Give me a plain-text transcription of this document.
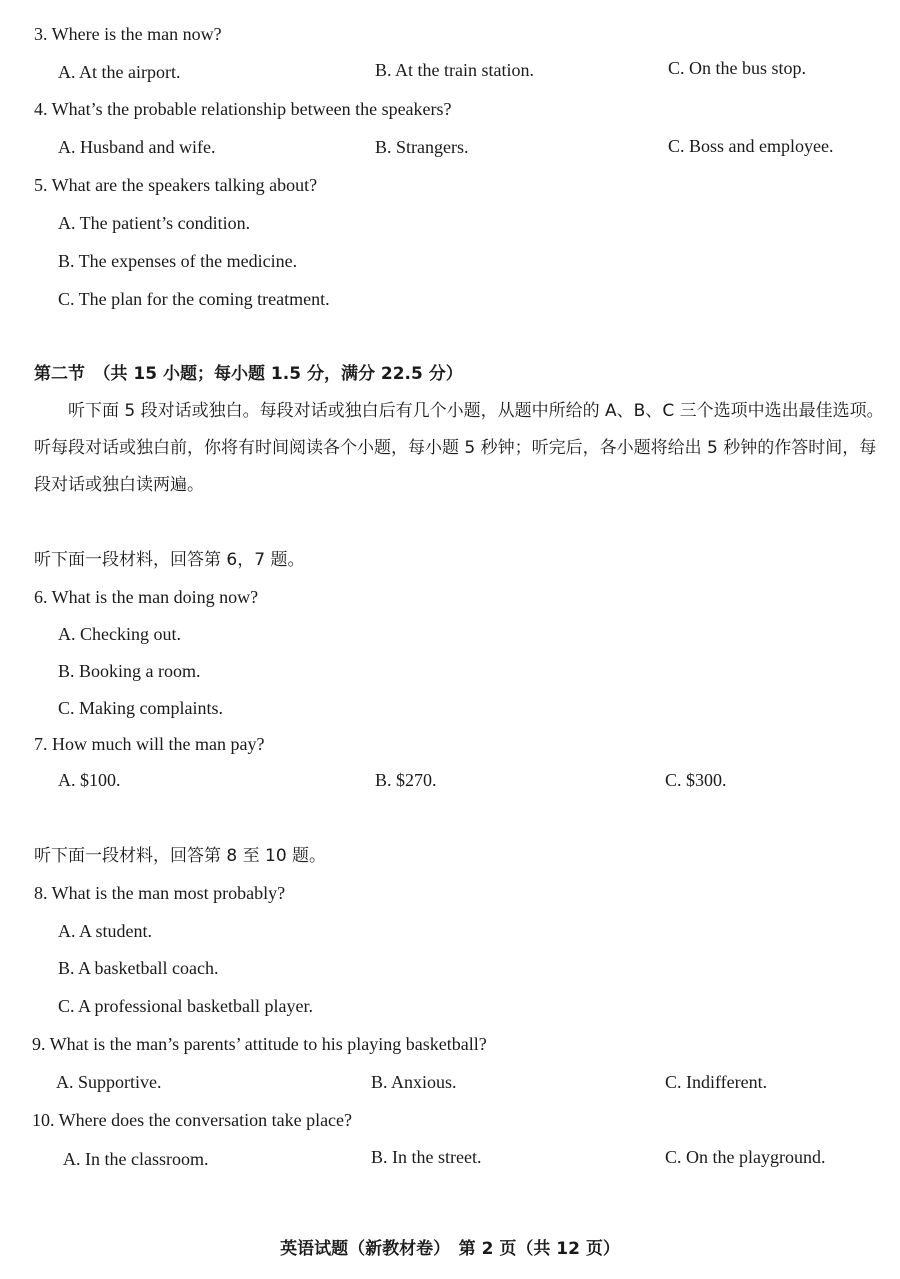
3. Where is the man now?
A. At the airport.	B. At the train station.	C. On the bus stop.
4. What’s the probable relationship between the speakers?
A. Husband and wife.	B. Strangers.	C. Boss and employee.
5. What are the speakers talking about?
A. The patient’s condition.
B. The expenses of the medicine.
C. The plan for the coming treatment.
第二节　（共 15 小题；每小题 1.5 分，满分 22.5 分）
听下面 5 段对话或独白。每段对话或独白后有几个小题，从题中所给的 A、B、C 三个选项中选出最佳选项。听每段对话或独白前，你将有时间阅读各个小题，每小题 5 秒钟；听完后，各小题将给出 5 秒钟的作答时间，每段对话或独白读两遍。
听下面一段材料，回答第 6，7 题。
6. What is the man doing now?
A. Checking out.
B. Booking a room.
C. Making complaints.
7. How much will the man pay?
A. $100.	B. $270.	C. $300.
听下面一段材料，回答第 8 至 10 题。
8. What is the man most probably?
A. A student.
B. A basketball coach.
C. A professional basketball player.
9. What is the man’s parents’ attitude to his playing basketball?
A. Supportive.	B. Anxious.	C. Indifferent.
10. Where does the conversation take place?
A. In the classroom.	B. In the street.	C. On the playground.
英语试题（新教材卷）　第 2 页（共 12 页）
